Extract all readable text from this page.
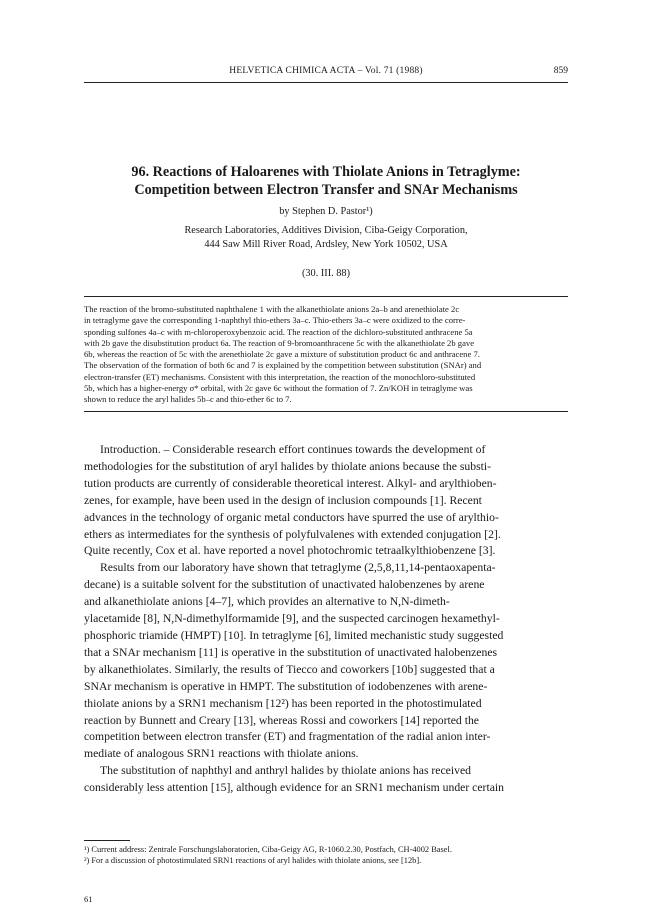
HELVETICA CHIMICA ACTA – Vol. 71 (1988)	859
96. Reactions of Haloarenes with Thiolate Anions in Tetraglyme:
Competition between Electron Transfer and SNAr Mechanisms
by Stephen D. Pastor¹)
Research Laboratories, Additives Division, Ciba-Geigy Corporation,
444 Saw Mill River Road, Ardsley, New York 10502, USA
(30. III. 88)
The reaction of the bromo-substituted naphthalene 1 with the alkanethiolate anions 2a–b and arenethiolate 2c
in tetraglyme gave the corresponding 1-naphthyl thio-ethers 3a–c. Thio-ethers 3a–c were oxidized to the corre-
sponding sulfones 4a–c with m-chloroperoxybenzoic acid. The reaction of the dichloro-substituted anthracene 5a
with 2b gave the disubstitution product 6a. The reaction of 9-bromoanthracene 5c with the alkanethiolate 2b gave
6b, whereas the reaction of 5c with the arenethiolate 2c gave a mixture of substitution product 6c and anthracene 7.
The observation of the formation of both 6c and 7 is explained by the competition between substitution (SNAr) and
electron-transfer (ET) mechanisms. Consistent with this interpretation, the reaction of the monochloro-substituted
5b, which has a higher-energy σ* orbital, with 2c gave 6c without the formation of 7. Zn/KOH in tetraglyme was
shown to reduce the aryl halides 5b–c and thio-ether 6c to 7.
Introduction. – Considerable research effort continues towards the development of
methodologies for the substitution of aryl halides by thiolate anions because the substi-
tution products are currently of considerable theoretical interest. Alkyl- and arylthioben-
zenes, for example, have been used in the design of inclusion compounds [1]. Recent
advances in the technology of organic metal conductors have spurred the use of arylthio-
ethers as intermediates for the synthesis of polyfulvalenes with extended conjugation [2].
Quite recently, Cox et al. have reported a novel photochromic tetraalkylthiobenzene [3].
Results from our laboratory have shown that tetraglyme (2,5,8,11,14-pentaoxapenta-
decane) is a suitable solvent for the substitution of unactivated halobenzenes by arene
and alkanethiolate anions [4–7], which provides an alternative to N,N-dimeth-
ylacetamide [8], N,N-dimethylformamide [9], and the suspected carcinogen hexamethyl-
phosphoric triamide (HMPT) [10]. In tetraglyme [6], limited mechanistic study suggested
that a SNAr mechanism [11] is operative in the substitution of unactivated halobenzenes
by alkanethiolates. Similarly, the results of Tiecco and coworkers [10b] suggested that a
SNAr mechanism is operative in HMPT. The substitution of iodobenzenes with arene-
thiolate anions by a SRN1 mechanism [12²) has been reported in the photostimulated
reaction by Bunnett and Creary [13], whereas Rossi and coworkers [14] reported the
competition between electron transfer (ET) and fragmentation of the radial anion inter-
mediate of analogous SRN1 reactions with thiolate anions.
The substitution of naphthyl and anthryl halides by thiolate anions has received
considerably less attention [15], although evidence for an SRN1 mechanism under certain
¹) Current address: Zentrale Forschungslaboratorien, Ciba-Geigy AG, R-1060.2.30, Postfach, CH-4002 Basel.
²) For a discussion of photostimulated SRN1 reactions of aryl halides with thiolate anions, see [12b].
61
